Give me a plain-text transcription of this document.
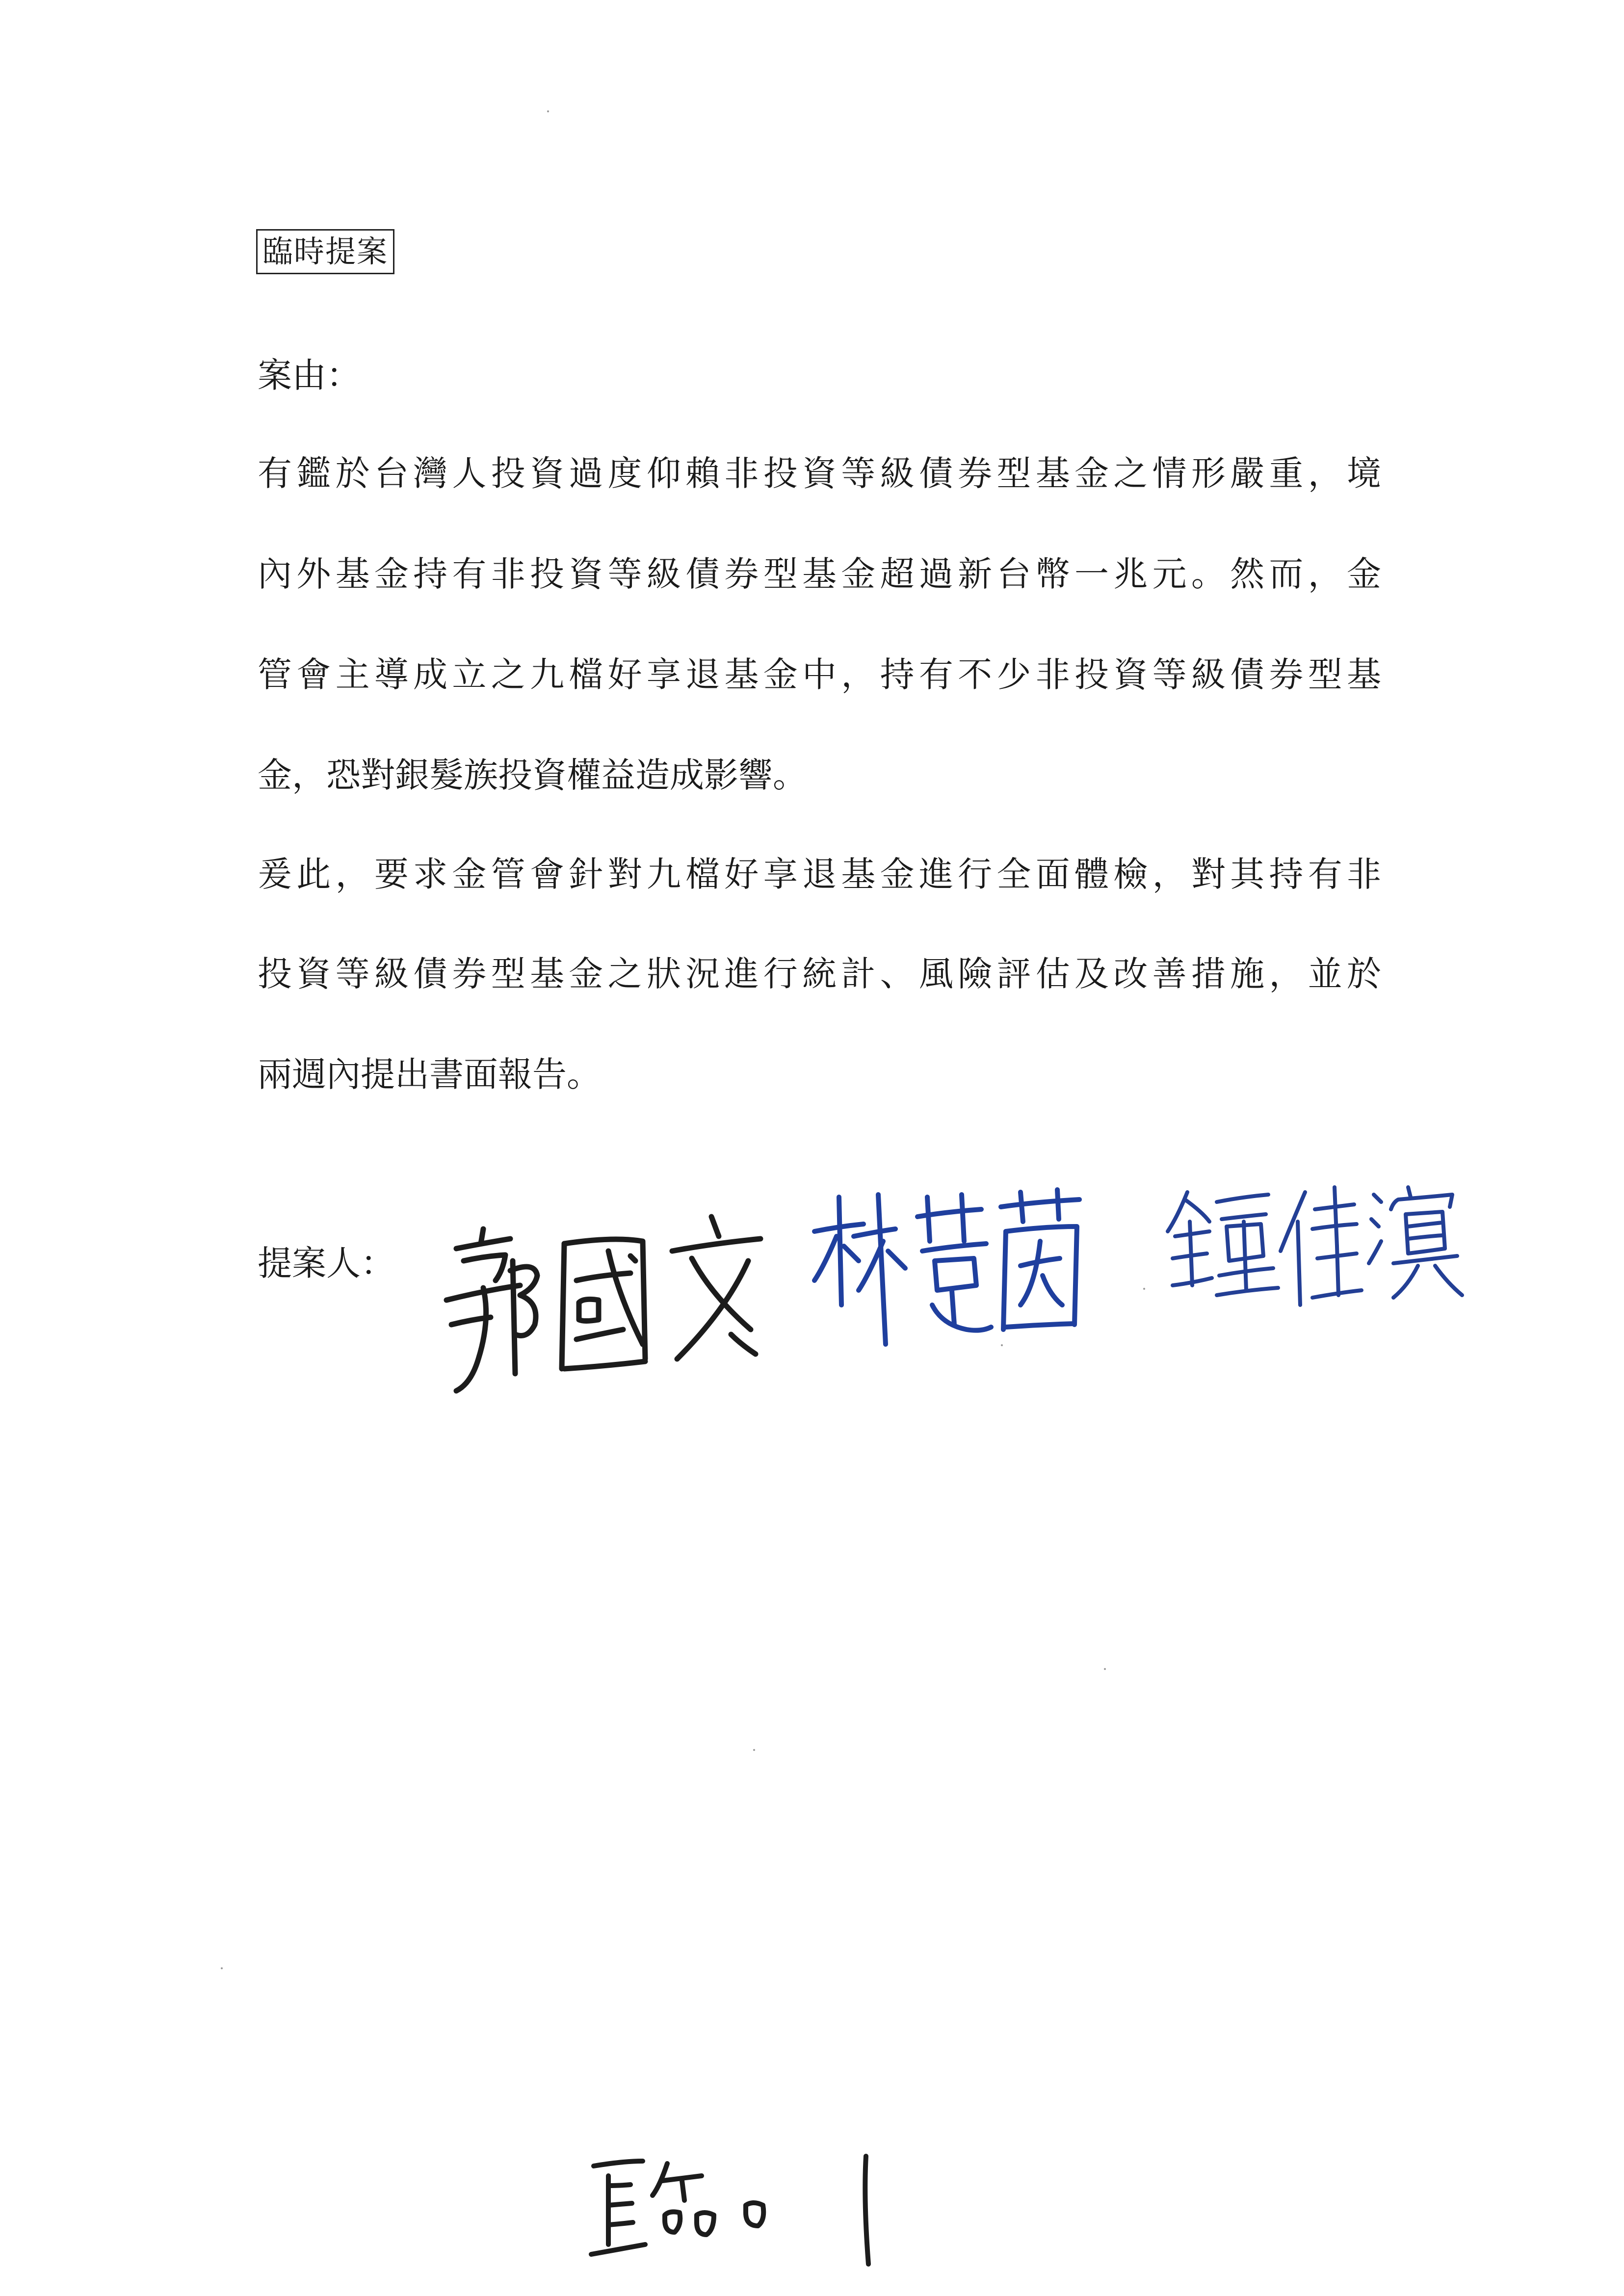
臨時提案
案由：
有鑑於台灣人投資過度仰賴非投資等級債券型基金之情形嚴重，境
內外基金持有非投資等級債券型基金超過新台幣一兆元。然而，金
管會主導成立之九檔好享退基金中，持有不少非投資等級債券型基
金，恐對銀髮族投資權益造成影響。
爰此，要求金管會針對九檔好享退基金進行全面體檢，對其持有非
投資等級債券型基金之狀況進行統計、風險評估及改善措施，並於
兩週內提出書面報告。
提案人：
